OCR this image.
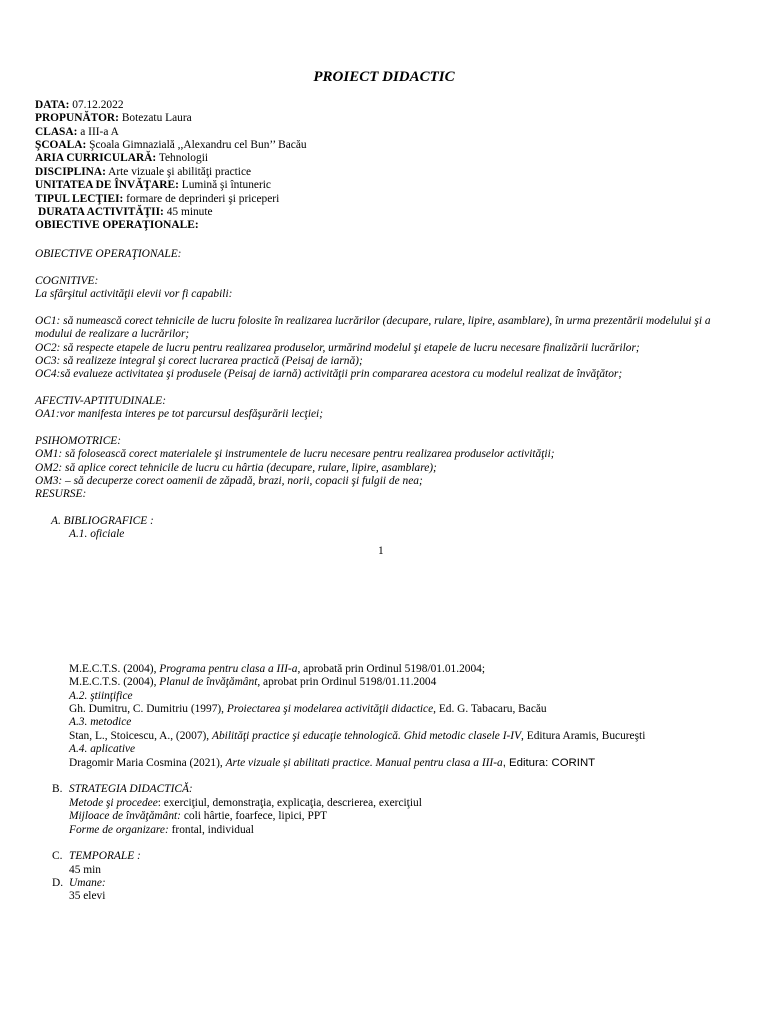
PROIECT DIDACTIC
DATA: 07.12.2022
PROPUNĂTOR: Botezatu Laura
CLASA: a III-a A
ŞCOALA: Şcoala Gimnazială ,,Alexandru cel Bun’’ Bacău
ARIA CURRICULARĂ: Tehnologii
DISCIPLINA: Arte vizuale şi abilităţi practice
UNITATEA DE ÎNVĂŢARE: Lumină şi întuneric
TIPUL LECŢIEI: formare de deprinderi şi priceperi
DURATA ACTIVITĂŢII: 45 minute
OBIECTIVE OPERAŢIONALE:
OBIECTIVE OPERAŢIONALE:
COGNITIVE:
La sfârşitul activităţii elevii vor fi capabili:
OC1: să numească corect tehnicile de lucru folosite în realizarea lucrărilor (decupare, rulare, lipire, asamblare), în urma prezentării modelului şi a
modului de realizare a lucrărilor;
OC2: să respecte etapele de lucru pentru realizarea produselor, urmărind modelul şi etapele de lucru necesare finalizării lucrărilor;
OC3: să realizeze integral şi corect lucrarea practică (Peisaj de iarnă);
OC4:să evalueze activitatea şi produsele (Peisaj de iarnă) activităţii prin compararea acestora cu modelul realizat de învăţător;
AFECTIV-APTITUDINALE:
OA1:vor manifesta interes pe tot parcursul desfăşurării lecţiei;
PSIHOMOTRICE:
OM1: să folosească corect materialele şi instrumentele de lucru necesare pentru realizarea produselor activităţii;
OM2: să aplice corect tehnicile de lucru cu hârtia (decupare, rulare, lipire, asamblare);
OM3: – să decuperze corect oamenii de zăpadă, brazi, norii, copacii şi fulgii de nea;
RESURSE:
A. BIBLIOGRAFICE :
A.1. oficiale
1
M.E.C.T.S. (2004), Programa pentru clasa a III-a, aprobată prin Ordinul 5198/01.01.2004;
M.E.C.T.S. (2004), Planul de învăţământ, aprobat prin Ordinul 5198/01.11.2004
A.2. ştiinţifice
Gh. Dumitru, C. Dumitriu (1997), Proiectarea şi modelarea activităţii didactice, Ed. G. Tabacaru, Bacău
A.3. metodice
Stan, L., Stoicescu, A., (2007), Abilităţi practice şi educaţie tehnologică. Ghid metodic clasele I-IV, Editura Aramis, Bucureşti
A.4. aplicative
Dragomir Maria Cosmina (2021), Arte vizuale și abilitati practice. Manual pentru clasa a III-a, Editura: CORINT
B. STRATEGIA DIDACTICĂ:
Metode şi procedee: exerciţiul, demonstraţia, explicaţia, descrierea, exerciţiul
Mijloace de învăţământ: coli hârtie, foarfece, lipici, PPT
Forme de organizare: frontal, individual
C. TEMPORALE :
45 min
D. Umane:
35 elevi
